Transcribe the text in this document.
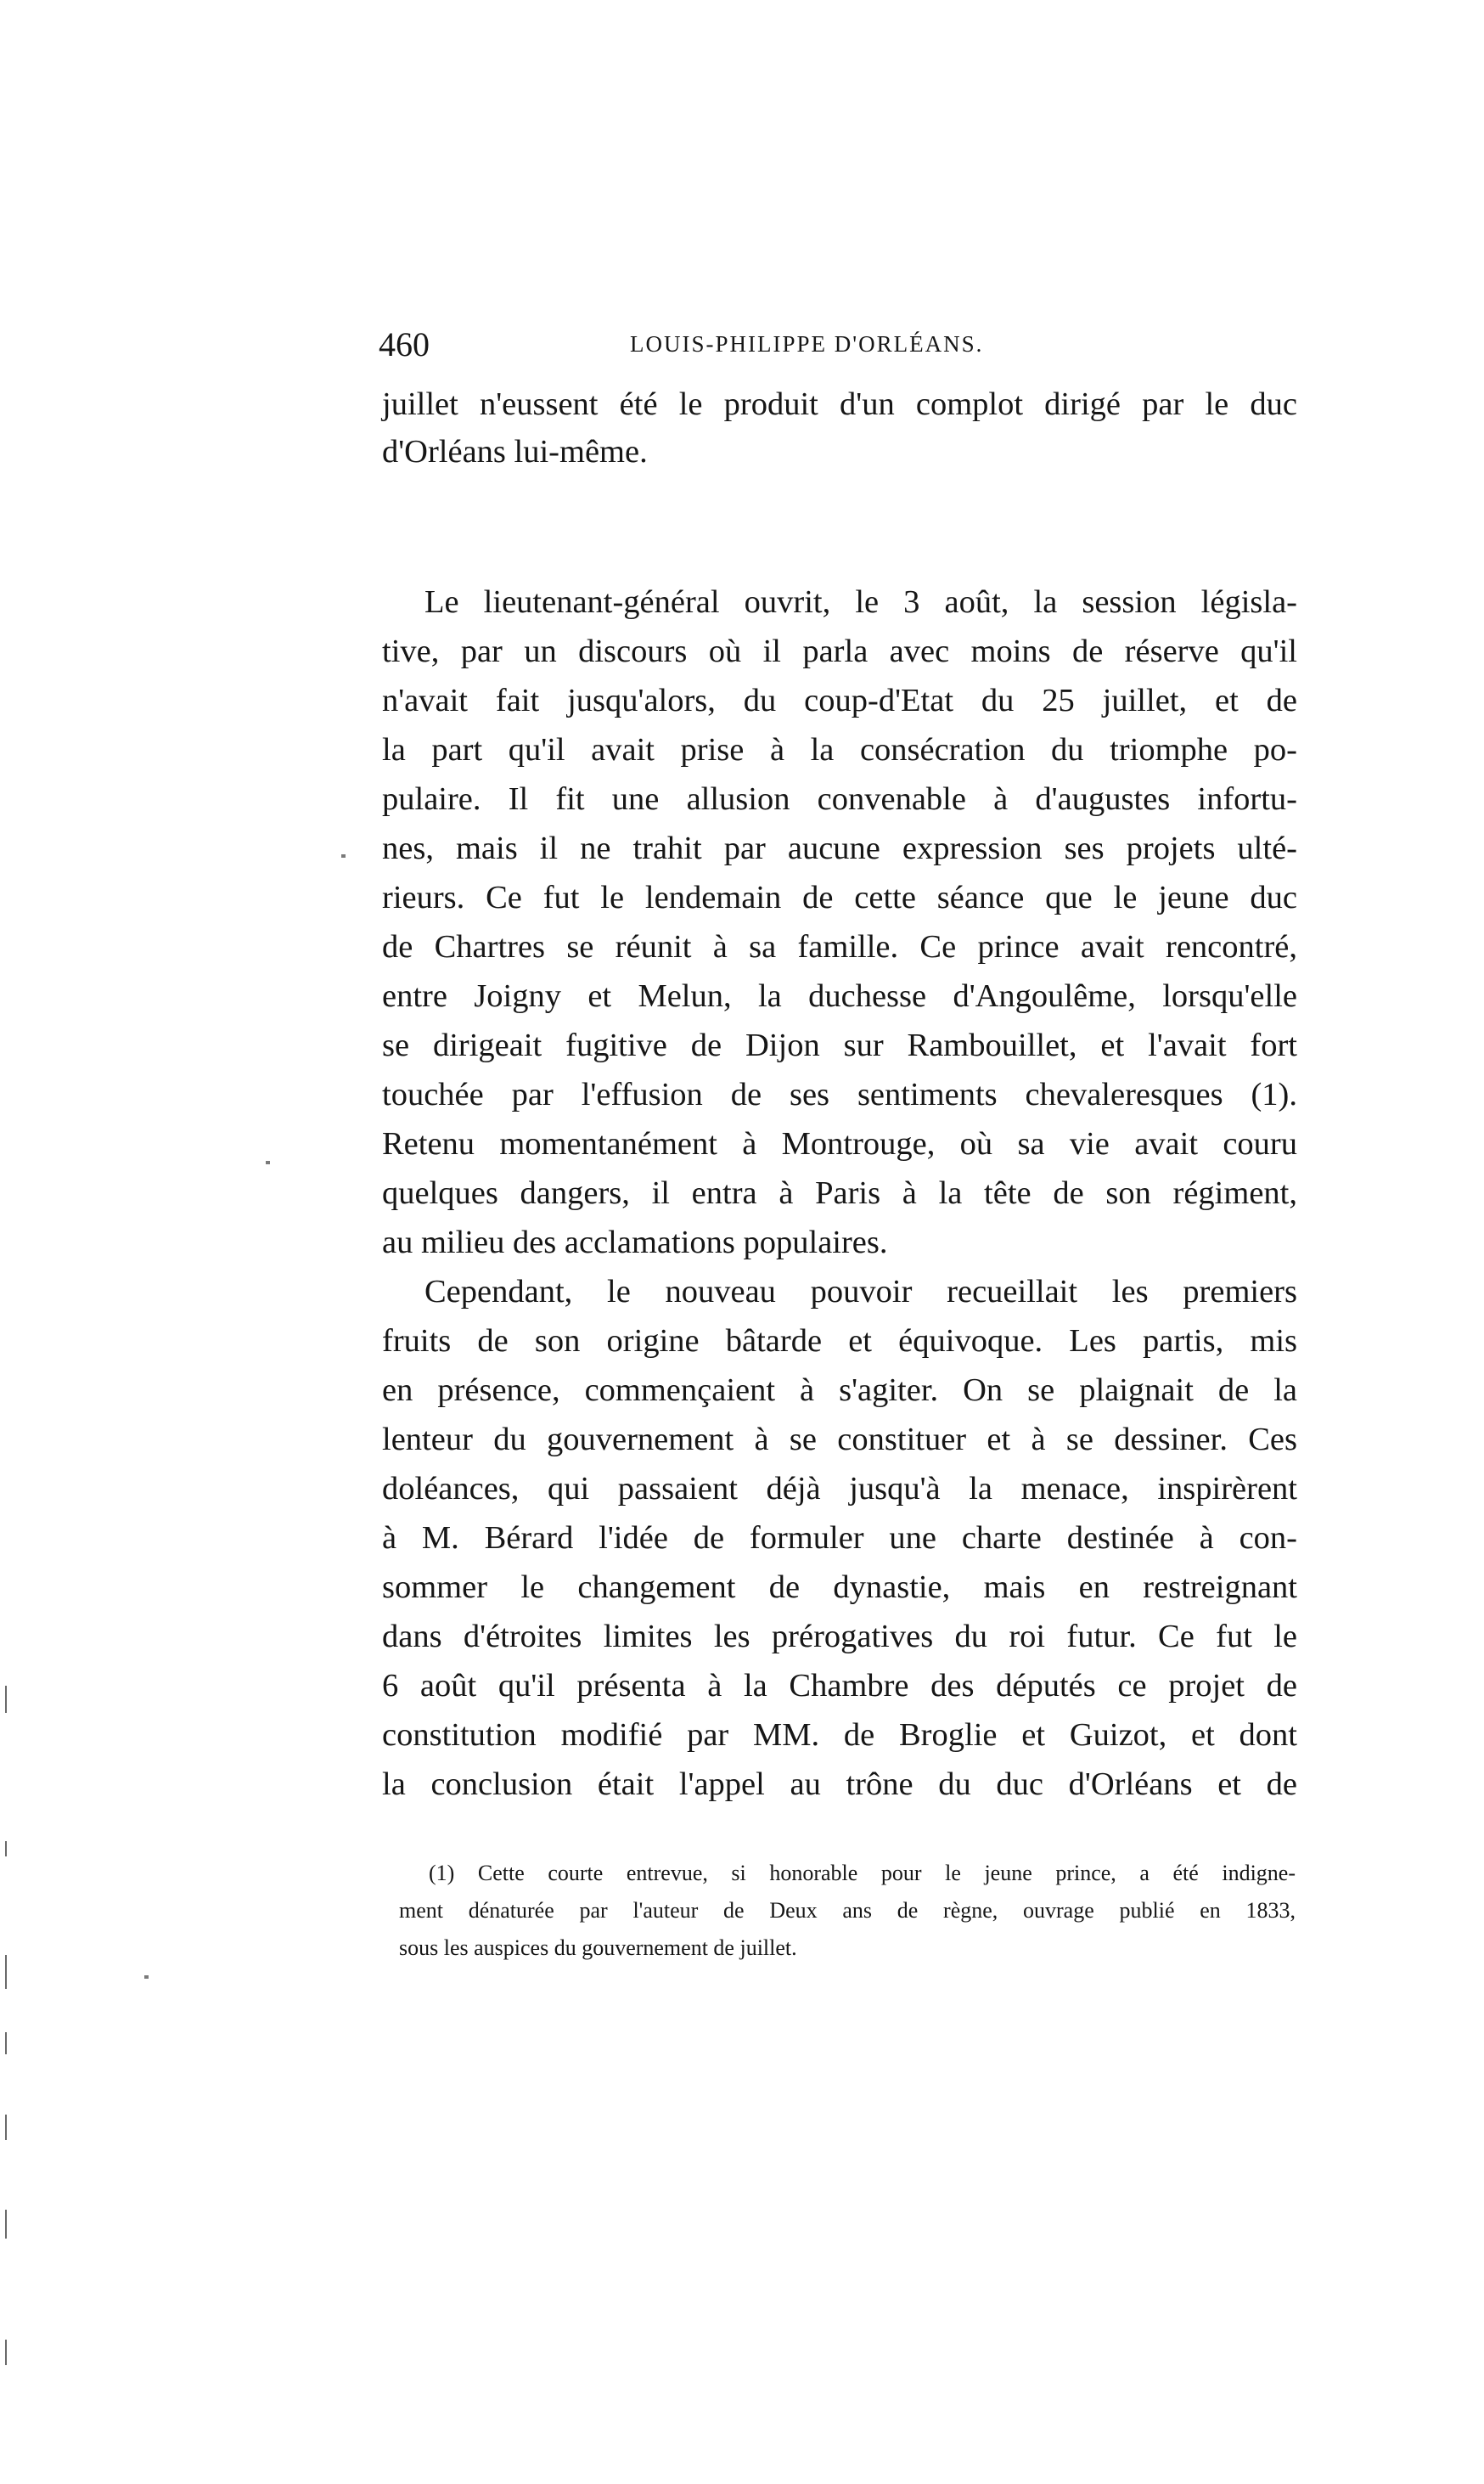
460	LOUIS-PHILIPPE D'ORLÉANS.
juillet n'eussent été le produit d'un complot dirigé par le duc
d'Orléans lui-même.
Le lieutenant-général ouvrit, le 3 août, la session législa-
tive, par un discours où il parla avec moins de réserve qu'il
n'avait fait jusqu'alors, du coup-d'Etat du 25 juillet, et de
la part qu'il avait prise à la consécration du triomphe po-
pulaire. Il fit une allusion convenable à d'augustes infortu-
nes, mais il ne trahit par aucune expression ses projets ulté-
rieurs. Ce fut le lendemain de cette séance que le jeune duc
de Chartres se réunit à sa famille. Ce prince avait rencontré,
entre Joigny et Melun, la duchesse d'Angoulême, lorsqu'elle
se dirigeait fugitive de Dijon sur Rambouillet, et l'avait fort
touchée par l'effusion de ses sentiments chevaleresques (1).
Retenu momentanément à Montrouge, où sa vie avait couru
quelques dangers, il entra à Paris à la tête de son régiment,
au milieu des acclamations populaires.
Cependant, le nouveau pouvoir recueillait les premiers
fruits de son origine bâtarde et équivoque. Les partis, mis
en présence, commençaient à s'agiter. On se plaignait de la
lenteur du gouvernement à se constituer et à se dessiner. Ces
doléances, qui passaient déjà jusqu'à la menace, inspirèrent
à M. Bérard l'idée de formuler une charte destinée à con-
sommer le changement de dynastie, mais en restreignant
dans d'étroites limites les prérogatives du roi futur. Ce fut le
6 août qu'il présenta à la Chambre des députés ce projet de
constitution modifié par MM. de Broglie et Guizot, et dont
la conclusion était l'appel au trône du duc d'Orléans et de
(1) Cette courte entrevue, si honorable pour le jeune prince, a été indigne-
ment dénaturée par l'auteur de Deux ans de règne, ouvrage publié en 1833,
sous les auspices du gouvernement de juillet.
